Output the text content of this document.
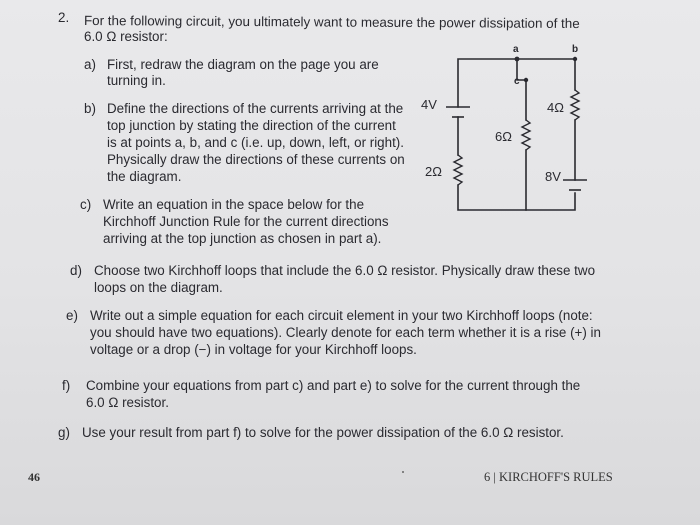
2. For the following circuit, you ultimately want to measure the power dissipation of the
6.0 Ω resistor:
a) First, redraw the diagram on the page you are
turning in.
b) Define the directions of the currents arriving at the
top junction by stating the direction of the current
is at points a, b, and c (i.e. up, down, left, or right).
Physically draw the directions of these currents on
the diagram.
c) Write an equation in the space below for the
Kirchhoff Junction Rule for the current directions
arriving at the top junction as chosen in part a).
d) Choose two Kirchhoff loops that include the 6.0 Ω resistor. Physically draw these two
loops on the diagram.
e) Write out a simple equation for each circuit element in your two Kirchhoff loops (note:
you should have two equations). Clearly denote for each term whether it is a rise (+) in
voltage or a drop (−) in voltage for your Kirchhoff loops.
f) Combine your equations from part c) and part e) to solve for the current through the
6.0 Ω resistor.
g) Use your result from part f) to solve for the power dissipation of the 6.0 Ω resistor.
a	b
c
4V
8V
2Ω
6Ω
4Ω
46	6 | KIRCHOFF'S RULES
